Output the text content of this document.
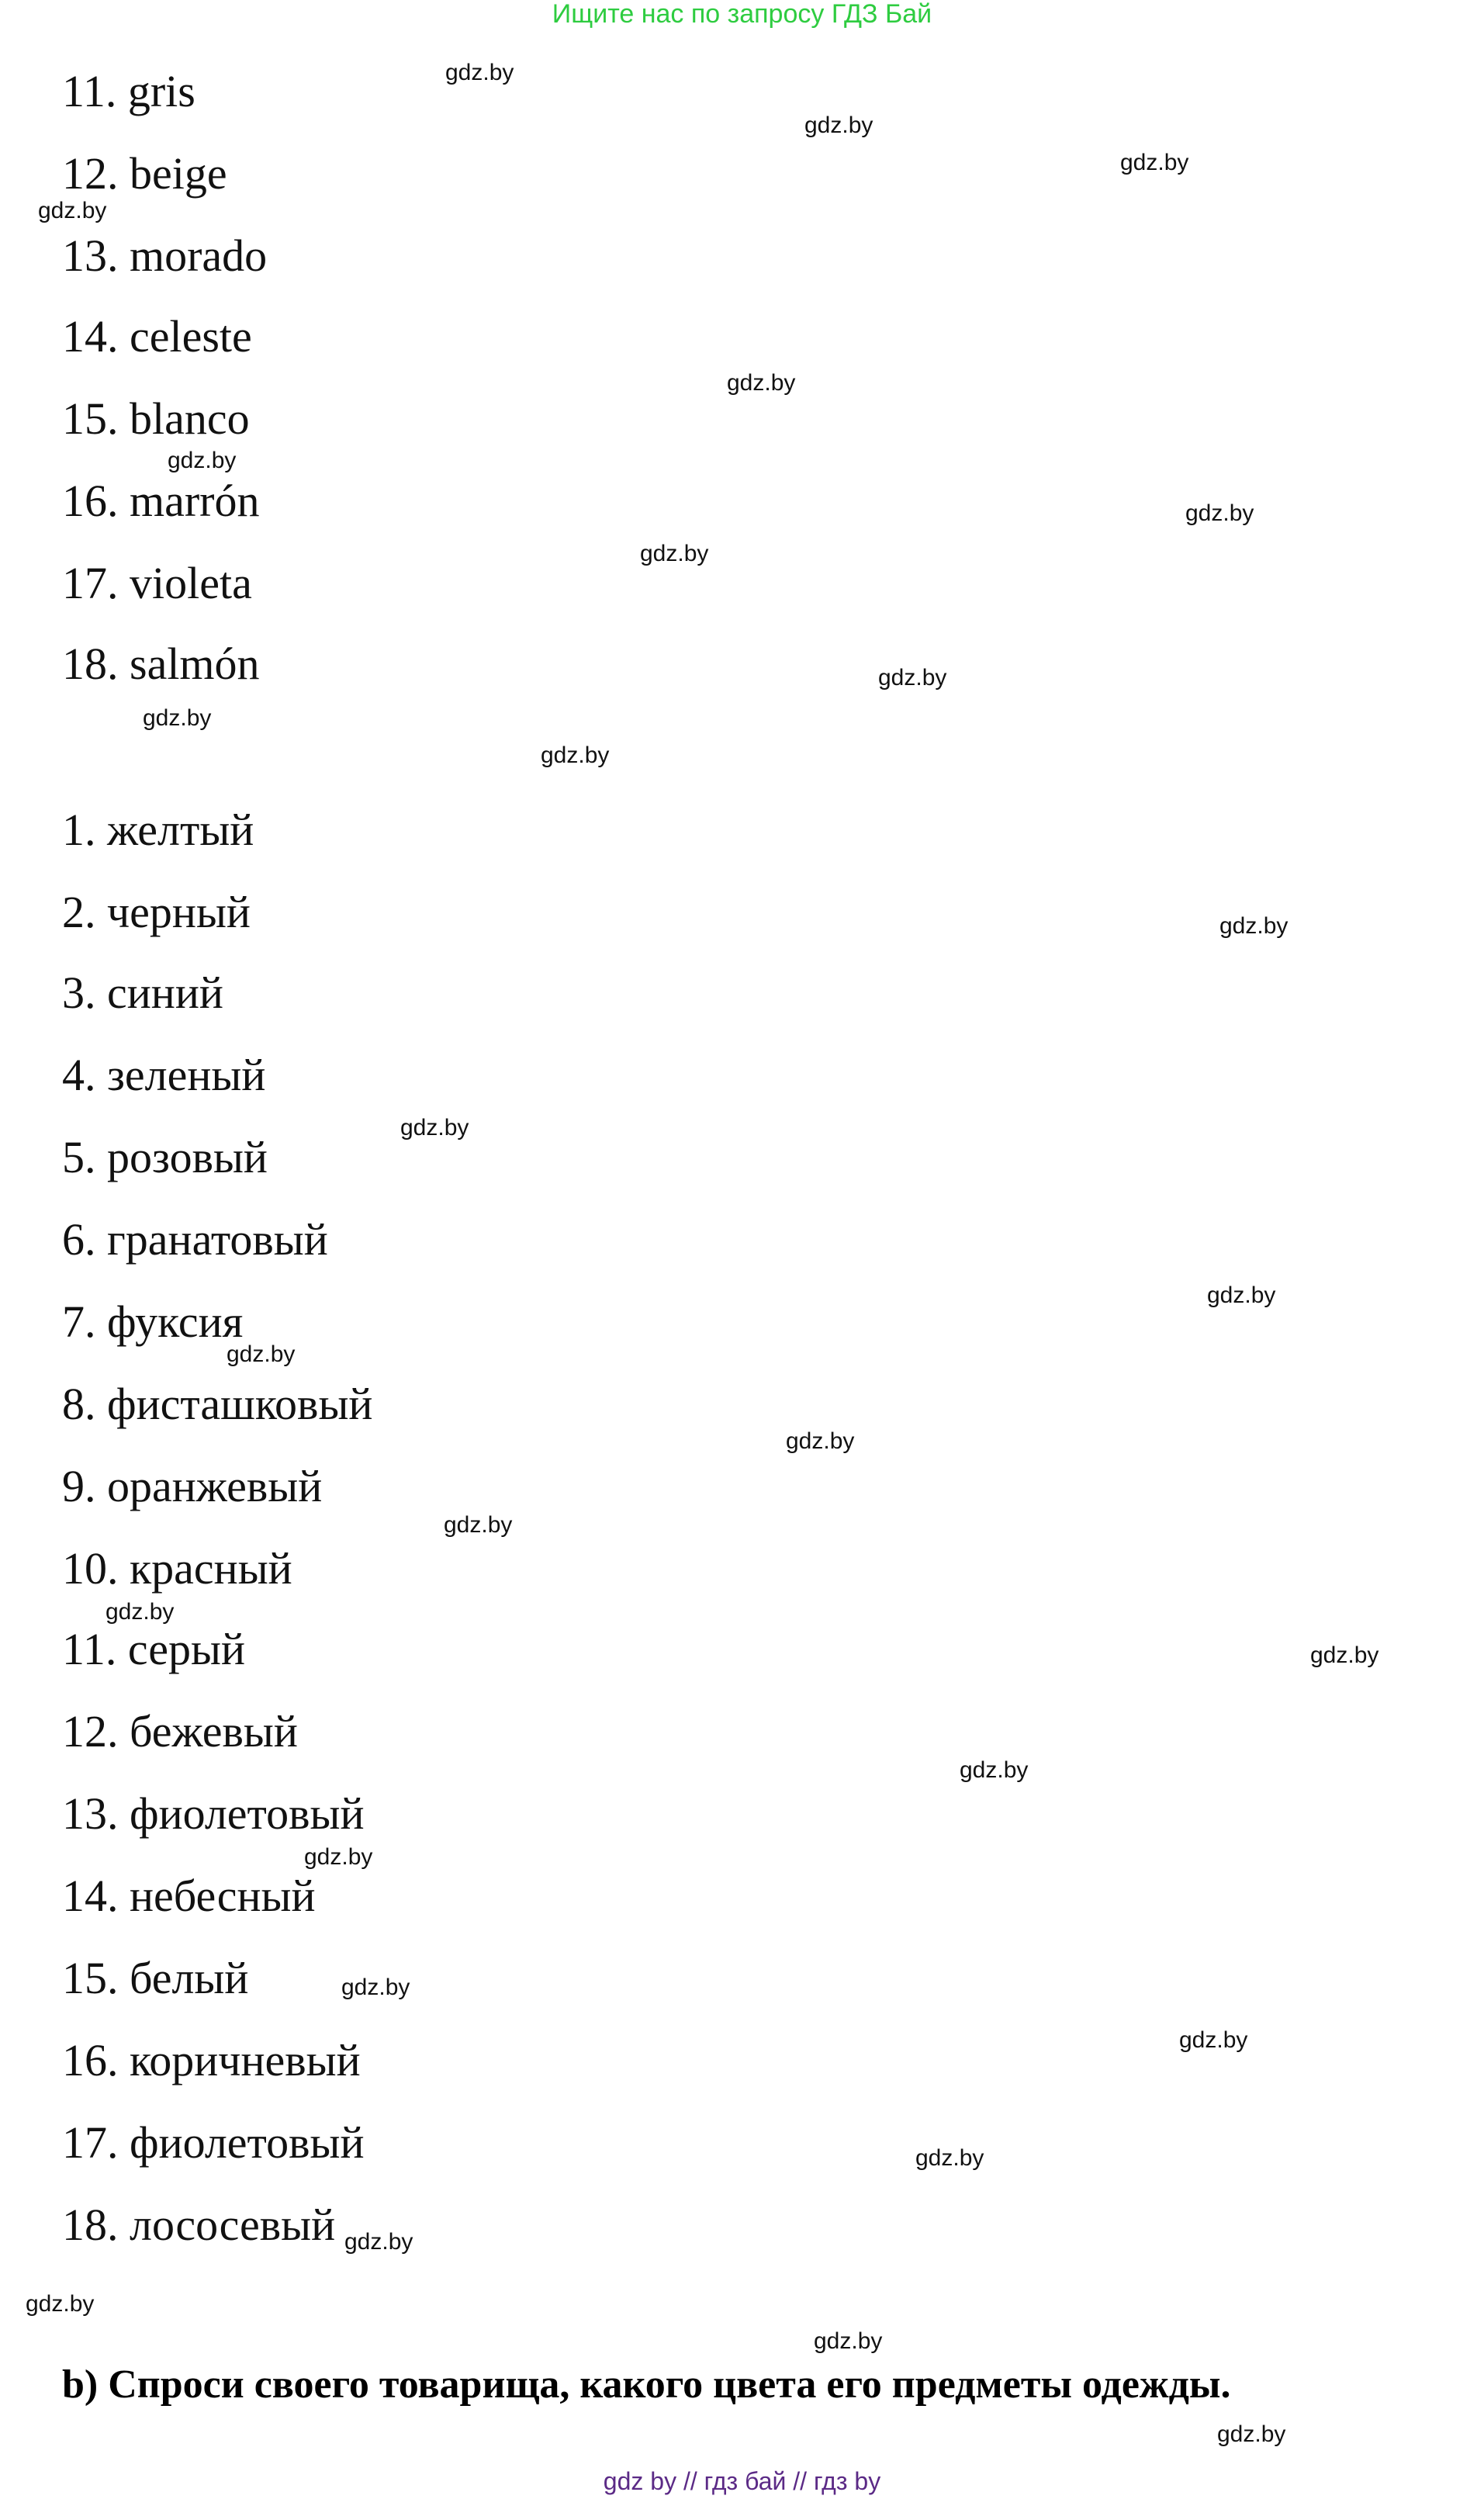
Ищите нас по запросу ГДЗ Бай
11. gris
12. beige
13. morado
14. celeste
15. blanco
16. marrón
17. violeta
18. salmón
1. желтый
2. черный
3. синий
4. зеленый
5. розовый
6. гранатовый
7. фуксия
8. фисташковый
9. оранжевый
10. красный
11. серый
12. бежевый
13. фиолетовый
14. небесный
15. белый
16. коричневый
17. фиолетовый
18. лососевый
gdz.by
gdz.by
gdz.by
gdz.by
gdz.by
gdz.by
gdz.by
gdz.by
gdz.by
gdz.by
gdz.by
gdz.by
gdz.by
gdz.by
gdz.by
gdz.by
gdz.by
gdz.by
gdz.by
gdz.by
gdz.by
gdz.by
gdz.by
gdz.by
gdz.by
gdz.by
gdz.by
gdz.by
b) Спроси своего товарища, какого цвета его предметы одежды.
gdz by // гдз бай // гдз by
